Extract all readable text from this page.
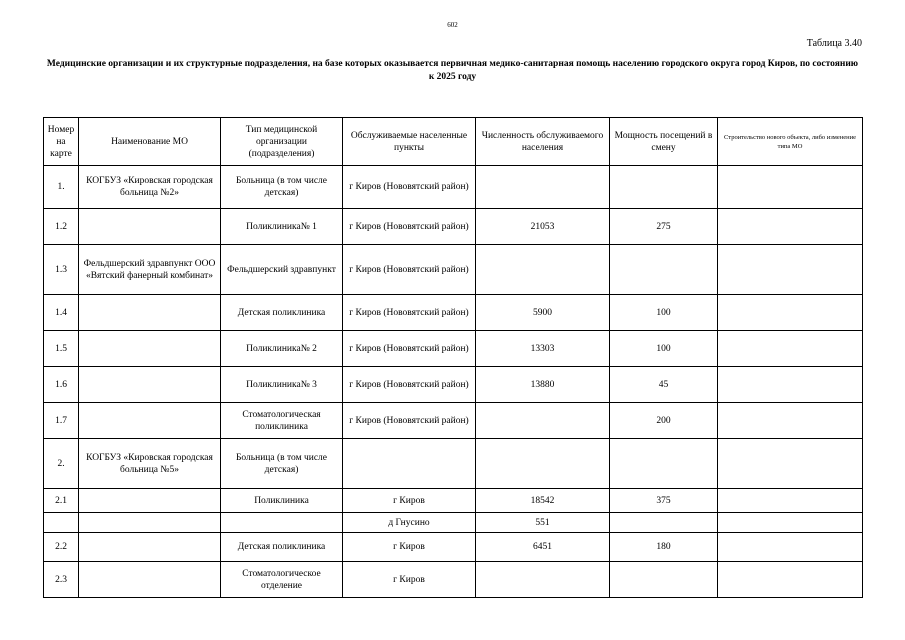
602
Таблица 3.40
Медицинские организации и их структурные подразделения, на базе которых оказывается первичная медико-санитарная помощь населению городского округа город Киров, по состоянию к 2025 году
Номер на карте	Наименование МО	Тип медицинской организации (подразделения)	Обслуживаемые населенные пункты	Численность обслуживаемого населения	Мощность посещений в смену	Строительство нового объекта, либо изменение типа МО
1.	КОГБУЗ «Кировская городская больница №2»	Больница (в том числе детская)	г Киров (Нововятский район)			
1.2		Поликлиника№ 1	г Киров (Нововятский район)	21053	275	
1.3	Фельдшерский здравпункт ООО «Вятский фанерный комбинат»	Фельдшерский здравпункт	г Киров (Нововятский район)			
1.4		Детская поликлиника	г Киров (Нововятский район)	5900	100	
1.5		Поликлиника№ 2	г Киров (Нововятский район)	13303	100	
1.6		Поликлиника№ 3	г Киров (Нововятский район)	13880	45	
1.7		Стоматологическая поликлиника	г Киров (Нововятский район)		200	
2.	КОГБУЗ «Кировская городская больница №5»	Больница (в том числе детская)				
2.1		Поликлиника	г Киров	18542	375	
			д Гнусино	551		
2.2		Детская поликлиника	г Киров	6451	180	
2.3		Стоматологическое отделение	г Киров			
